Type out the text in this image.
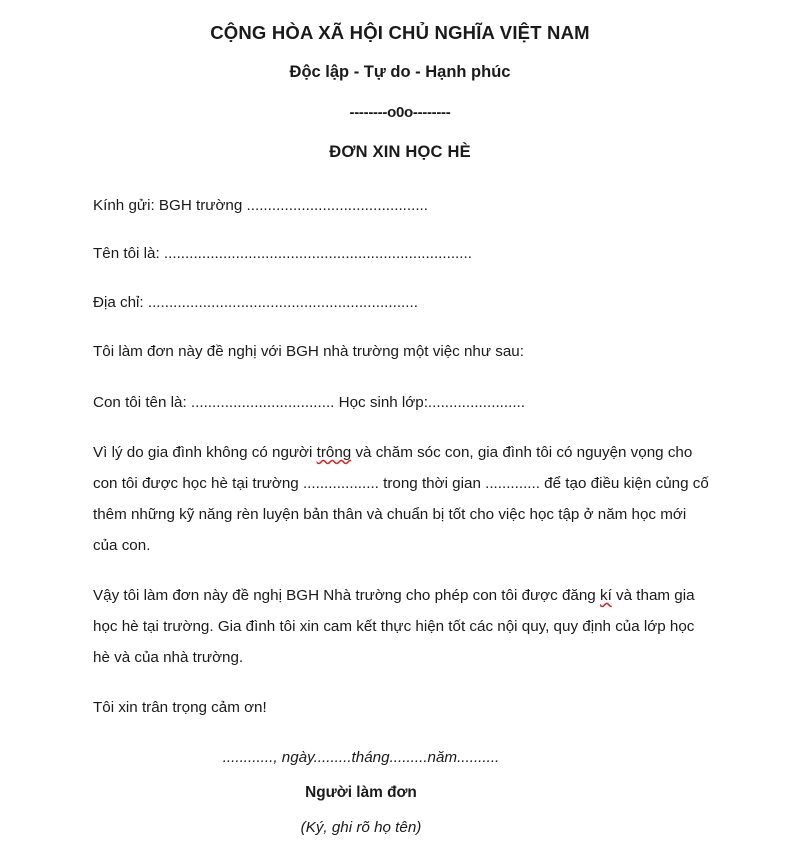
CỘNG HÒA XÃ HỘI CHỦ NGHĨA VIỆT NAM
Độc lập - Tự do - Hạnh phúc
--------o0o--------
ĐƠN XIN HỌC HÈ

Kính gửi: BGH trường ...........................................

Tên tôi là: .........................................................................

Địa chỉ: ................................................................

Tôi làm đơn này đề nghị với BGH nhà trường một việc như sau:

Con tôi tên là: .................................. Học sinh lớp:.......................

Vì lý do gia đình không có người trông và chăm sóc con, gia đình tôi có nguyện vọng cho con tôi được học hè tại trường .................. trong thời gian ............. để tạo điều kiện củng cố thêm những kỹ năng rèn luyện bản thân và chuẩn bị tốt cho việc học tập ở năm học mới của con.

Vậy tôi làm đơn này đề nghị BGH Nhà trường cho phép con tôi được đăng kí và tham gia học hè tại trường. Gia đình tôi xin cam kết thực hiện tốt các nội quy, quy định của lớp học hè và của nhà trường.

Tôi xin trân trọng cảm ơn!

............, ngày.........tháng.........năm..........
Người làm đơn
(Ký, ghi rõ họ tên)
